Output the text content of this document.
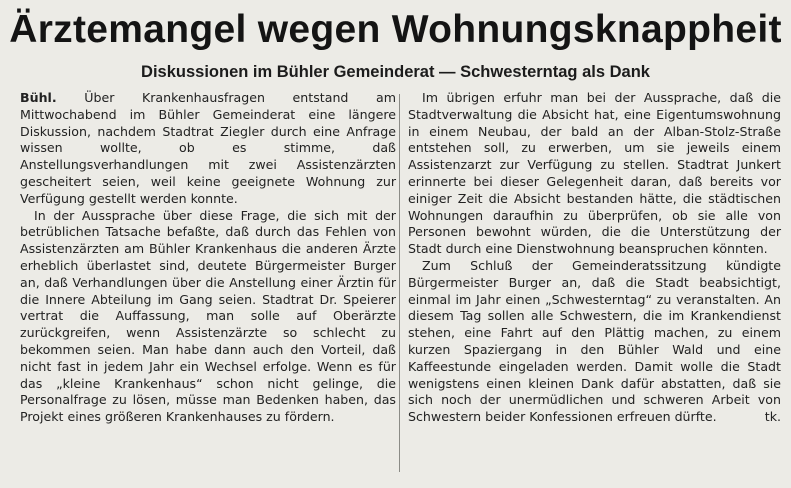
Ärztemangel wegen Wohnungsknappheit
Diskussionen im Bühler Gemeinderat — Schwesterntag als Dank

Bühl. Über Krankenhausfragen entstand am Mittwochabend im Bühler Gemeinderat eine längere Diskussion, nachdem Stadtrat Ziegler durch eine Anfrage wissen wollte, ob es stimme, daß Anstellungsverhandlungen mit zwei Assistenzärzten gescheitert seien, weil keine geeignete Wohnung zur Verfügung gestellt werden konnte.

In der Aussprache über diese Frage, die sich mit der betrüblichen Tatsache befaßte, daß durch das Fehlen von Assistenzärzten am Bühler Krankenhaus die anderen Ärzte erheblich überlastet sind, deutete Bürgermeister Burger an, daß Verhandlungen über die Anstellung einer Ärztin für die Innere Abteilung im Gang seien. Stadtrat Dr. Speierer vertrat die Auffassung, man solle auf Oberärzte zurückgreifen, wenn Assistenzärzte so schlecht zu bekommen seien. Man habe dann auch den Vorteil, daß nicht fast in jedem Jahr ein Wechsel erfolge. Wenn es für das „kleine Krankenhaus“ schon nicht gelinge, die Personalfrage zu lösen, müsse man Bedenken haben, das Projekt eines größeren Krankenhauses zu fördern.

Im übrigen erfuhr man bei der Aussprache, daß die Stadtverwaltung die Absicht hat, eine Eigentumswohnung in einem Neubau, der bald an der Alban-Stolz-Straße entstehen soll, zu erwerben, um sie jeweils einem Assistenzarzt zur Verfügung zu stellen. Stadtrat Junkert erinnerte bei dieser Gelegenheit daran, daß bereits vor einiger Zeit die Absicht bestanden hätte, die städtischen Wohnungen daraufhin zu überprüfen, ob sie alle von Personen bewohnt würden, die die Unterstützung der Stadt durch eine Dienstwohnung beanspruchen könnten.

Zum Schluß der Gemeinderatssitzung kündigte Bürgermeister Burger an, daß die Stadt beabsichtigt, einmal im Jahr einen „Schwesterntag“ zu veranstalten. An diesem Tag sollen alle Schwestern, die im Krankendienst stehen, eine Fahrt auf den Plättig machen, zu einem kurzen Spaziergang in den Bühler Wald und eine Kaffeestunde eingeladen werden. Damit wolle die Stadt wenigstens einen kleinen Dank dafür abstatten, daß sie sich noch der unermüdlichen und schweren Arbeit von Schwestern beider Konfessionen erfreuen dürfte.	tk.
